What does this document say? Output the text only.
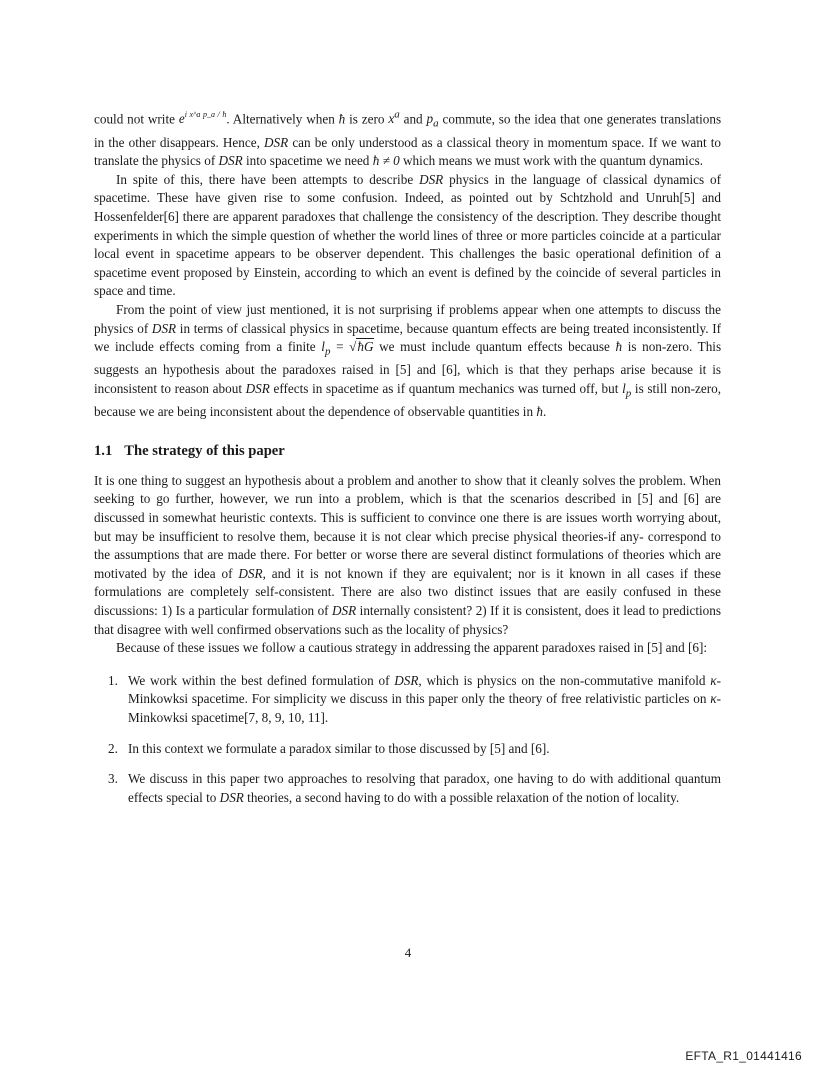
could not write $e^{i x\^{}a p\_a / ħ}$. Alternatively when ħ is zero $x^a$ and $p_a$ commute, so the idea that one generates translations in the other disappears. Hence, DSR can be only understood as a classical theory in momentum space. If we want to translate the physics of DSR into spacetime we need ħ ≠ 0 which means we must work with the quantum dynamics.

In spite of this, there have been attempts to describe DSR physics in the language of classical dynamics of spacetime. These have given rise to some confusion. Indeed, as pointed out by Schtzhold and Unruh[5] and Hossenfelder[6] there are apparent paradoxes that challenge the consistency of the description. They describe thought experiments in which the simple question of whether the world lines of three or more particles coincide at a particular local event in spacetime appears to be observer dependent. This challenges the basic operational definition of a spacetime event proposed by Einstein, according to which an event is defined by the coincide of several particles in space and time.

From the point of view just mentioned, it is not surprising if problems appear when one attempts to discuss the physics of DSR in terms of classical physics in spacetime, because quantum effects are being treated inconsistently. If we include effects coming from a finite $l_p$ = √ħG we must include quantum effects because ħ is non-zero. This suggests an hypothesis about the paradoxes raised in [5] and [6], which is that they perhaps arise because it is inconsistent to reason about DSR effects in spacetime as if quantum mechanics was turned off, but $l_p$ is still non-zero, because we are being inconsistent about the dependence of observable quantities in ħ.

1.1 The strategy of this paper

It is one thing to suggest an hypothesis about a problem and another to show that it cleanly solves the problem. When seeking to go further, however, we run into a problem, which is that the scenarios described in [5] and [6] are discussed in somewhat heuristic contexts. This is sufficient to convince one there is are issues worth worrying about, but may be insufficient to resolve them, because it is not clear which precise physical theories-if any- correspond to the assumptions that are made there. For better or worse there are several distinct formulations of theories which are motivated by the idea of DSR, and it is not known if they are equivalent; nor is it known in all cases if these formulations are completely self-consistent. There are also two distinct issues that are easily confused in these discussions: 1) Is a particular formulation of DSR internally consistent? 2) If it is consistent, does it lead to predictions that disagree with well confirmed observations such as the locality of physics?

Because of these issues we follow a cautious strategy in addressing the apparent paradoxes raised in [5] and [6]:

1. We work within the best defined formulation of DSR, which is physics on the non-commutative manifold κ-Minkowksi spacetime. For simplicity we discuss in this paper only the theory of free relativistic particles on κ-Minkowksi spacetime[7, 8, 9, 10, 11].

2. In this context we formulate a paradox similar to those discussed by [5] and [6].

3. We discuss in this paper two approaches to resolving that paradox, one having to do with additional quantum effects special to DSR theories, a second having to do with a possible relaxation of the notion of locality.

4
EFTA_R1_01441416
